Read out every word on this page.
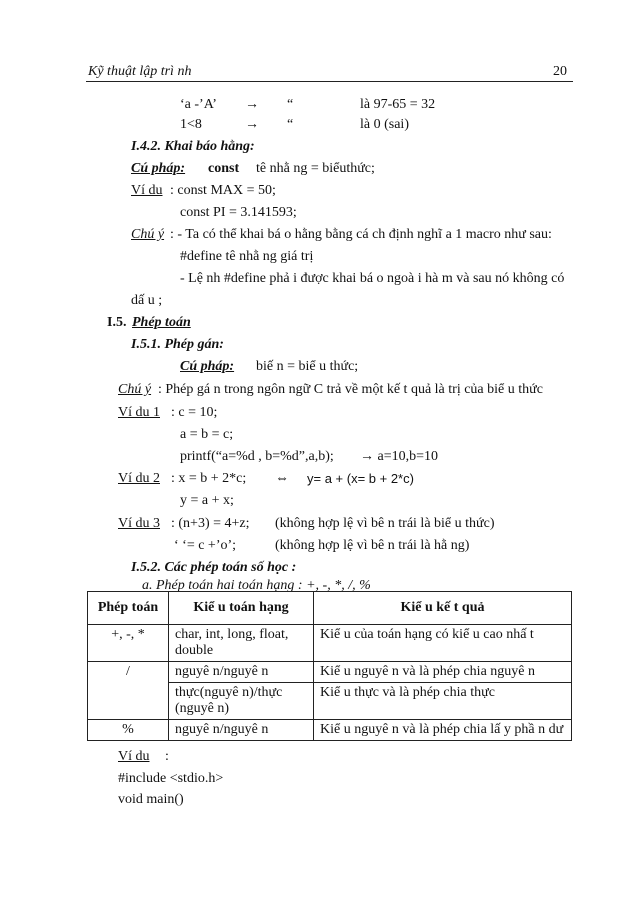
Kỹ thuật lập trì nh	20
‘a -’A’ → “	là 97-65 = 32
1<8	→ “	là 0 (sai)
I.4.2. Khai báo hằng:
Cú pháp: const tê nhằ ng = biểuthức;
Ví du : const MAX = 50;
const PI = 3.141593;
Chú ý : - Ta có thể khai bá o hằng bằng cá ch định nghĩ a 1 macro như sau:
#define tê nhằ ng giá trị
- Lệ nh #define phả i được khai bá o ngoà i hà m và sau nó không có
dấ u ;
I.5. Phép toán
I.5.1. Phép gán:
Cú pháp: biế n = biể u thức;
Chú ý : Phép gá n trong ngôn ngữ C trả về một kế t quả là trị của biể u thức
Ví du 1 : c = 10;
a = b = c;
printf(“a=%d , b=%d”,a,b); → a=10,b=10
Ví du 2 : x = b + 2*c; ⇔ y= a + (x= b + 2*c)
y = a + x;
Ví du 3 : (n+3) = 4+z; (không hợp lệ vì bê n trái là biể u thức)
‘ ‘= c +’o’;	(không hợp lệ vì bê n trái là hằ ng)
I.5.2. Các phép toán số học :
a. Phép toán hai toán hạng : +, -, *, /, %
Phép toán	Kiể u toán hạng	Kiể u kế t quả
+, -, *	char, int, long, float, double	Kiể u của toán hạng có kiể u cao nhấ t
/	nguyê n/nguyê n	Kiể u nguyê n và là phép chia nguyê n
	thực(nguyê n)/thực (nguyê n)	Kiể u thực và là phép chia thực
%	nguyê n/nguyê n	Kiể u nguyê n và là phép chia lấ y phầ n dư
Ví du :
#include <stdio.h>
void main()
